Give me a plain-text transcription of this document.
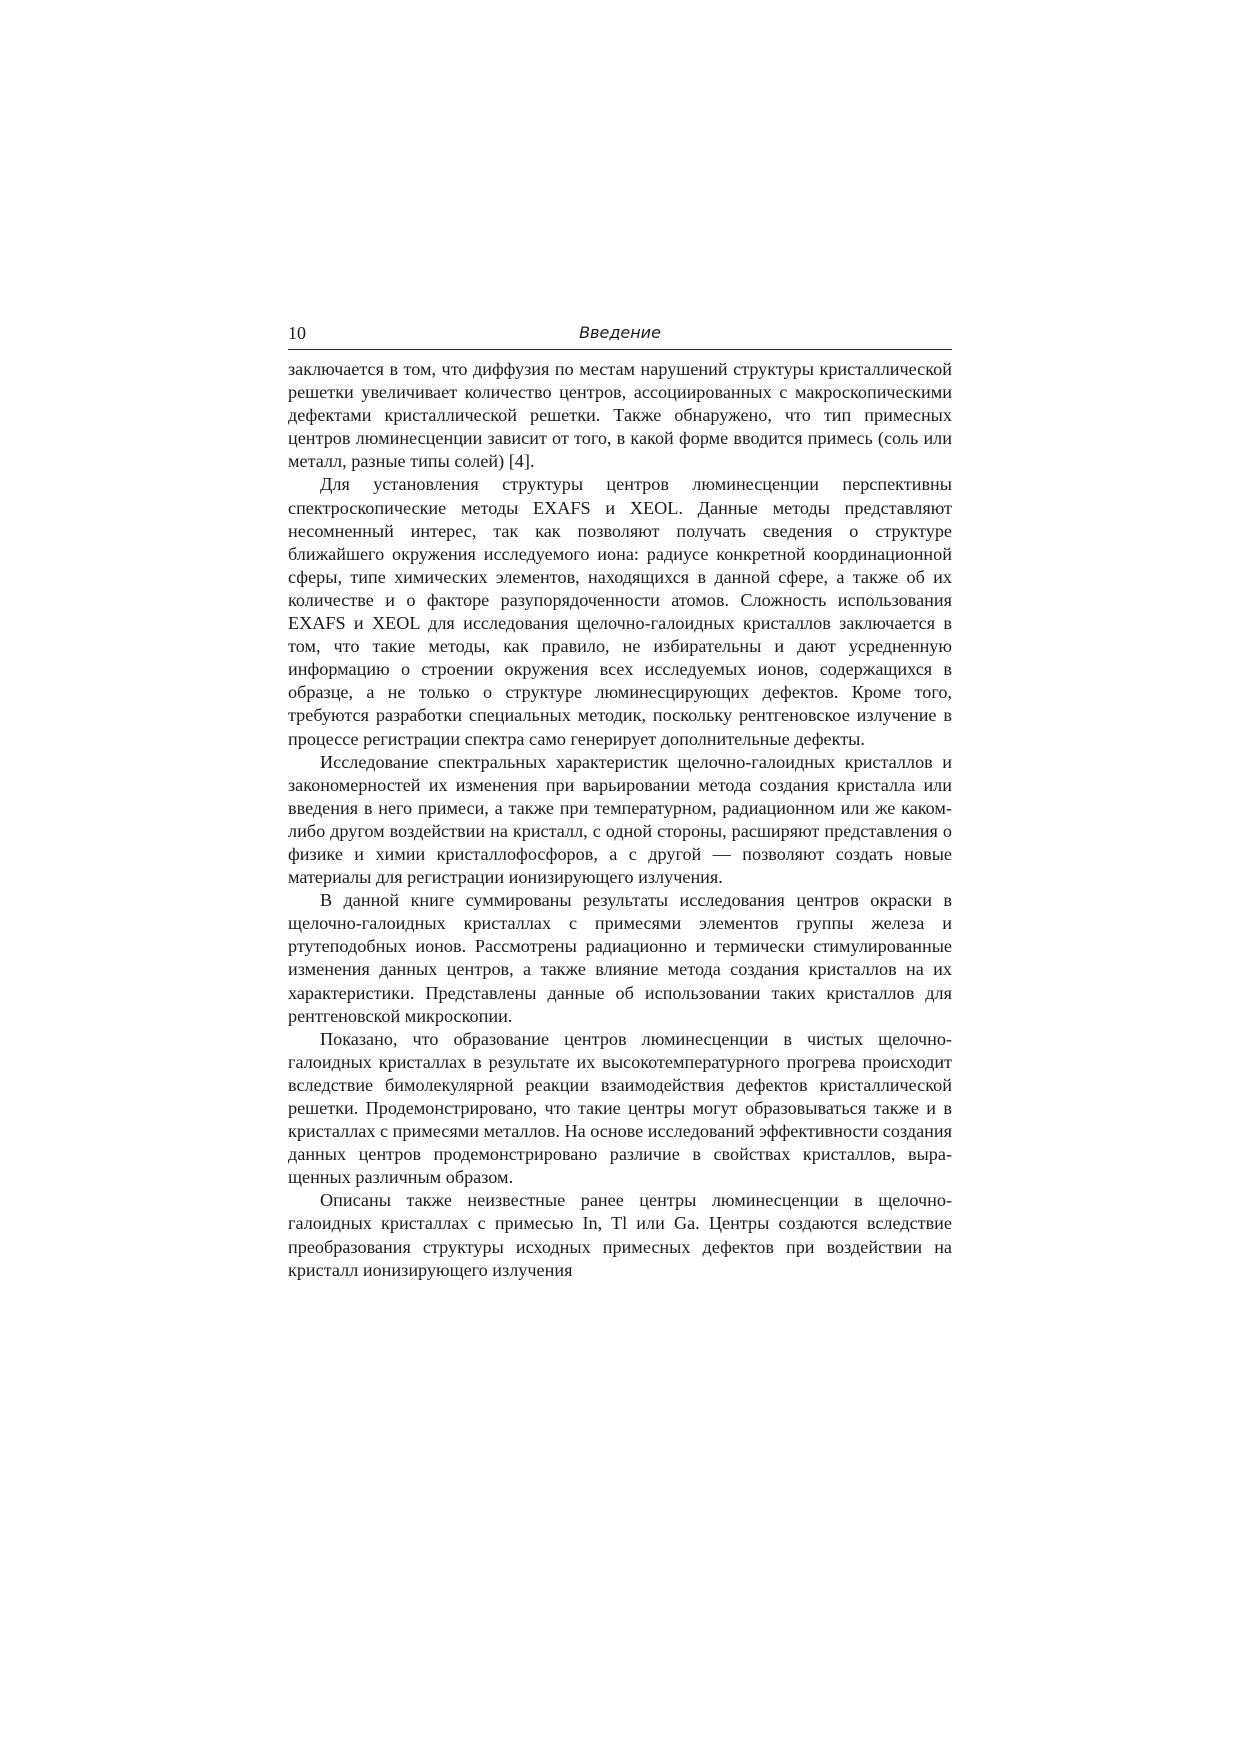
10	Введение

заключается в том, что диффузия по местам нарушений структуры кристаллической решетки увеличивает количество центров, ассоциированных с макроскопическими дефектами кристаллической решетки. Также обнаружено, что тип примесных центров люминесценции зависит от того, в какой форме вводится примесь (соль или металл, разные типы солей) [4].

Для установления структуры центров люминесценции перспективны спектроскопические методы EXAFS и XEOL. Данные методы представляют несомненный интерес, так как позволяют получать сведения о структуре ближайшего окружения исследуемого иона: радиусе конкретной координационной сферы, типе химических элементов, находящихся в данной сфере, а также об их количестве и о факторе разупорядоченности атомов. Сложность использования EXAFS и XEOL для исследования щелочно-галоидных кристаллов заключается в том, что такие методы, как правило, не избирательны и дают усредненную информацию о строении окружения всех исследуемых ионов, содержащихся в образце, а не только о структуре люминесцирующих дефектов. Кроме того, требуются разработки специальных методик, поскольку рентгеновское излучение в процессе регистрации спектра само генерирует дополнительные дефекты.

Исследование спектральных характеристик щелочно-галоидных кристаллов и закономерностей их изменения при варьировании метода создания кристалла или введения в него примеси, а также при температурном, радиационном или же каком-либо другом воздействии на кристалл, с одной стороны, расширяют представления о физике и химии кристаллофосфоров, а с другой — позволяют создать новые материалы для регистрации ионизирующего излучения.

В данной книге суммированы результаты исследования центров окраски в щелочно-галоидных кристаллах с примесями элементов группы железа и ртутеподобных ионов. Рассмотрены радиационно и термически стимулированные изменения данных центров, а также влияние метода создания кристаллов на их характеристики. Представлены данные об использовании таких кристаллов для рентгеновской микроскопии.

Показано, что образование центров люминесценции в чистых щелочно-галоидных кристаллах в результате их высокотемпературного прогрева происходит вследствие бимолекулярной реакции взаимодействия дефектов кристаллической решетки. Продемонстрировано, что такие центры могут образовываться также и в кристаллах с примесями металлов. На основе исследований эффективности создания данных центров продемонстрировано различие в свойствах кристаллов, выращенных различным образом.

Описаны также неизвестные ранее центры люминесценции в щелочно-галоидных кристаллах с примесью In, Tl или Ga. Центры создаются вследствие преобразования структуры исходных примесных дефектов при воздействии на кристалл ионизирующего излучения
